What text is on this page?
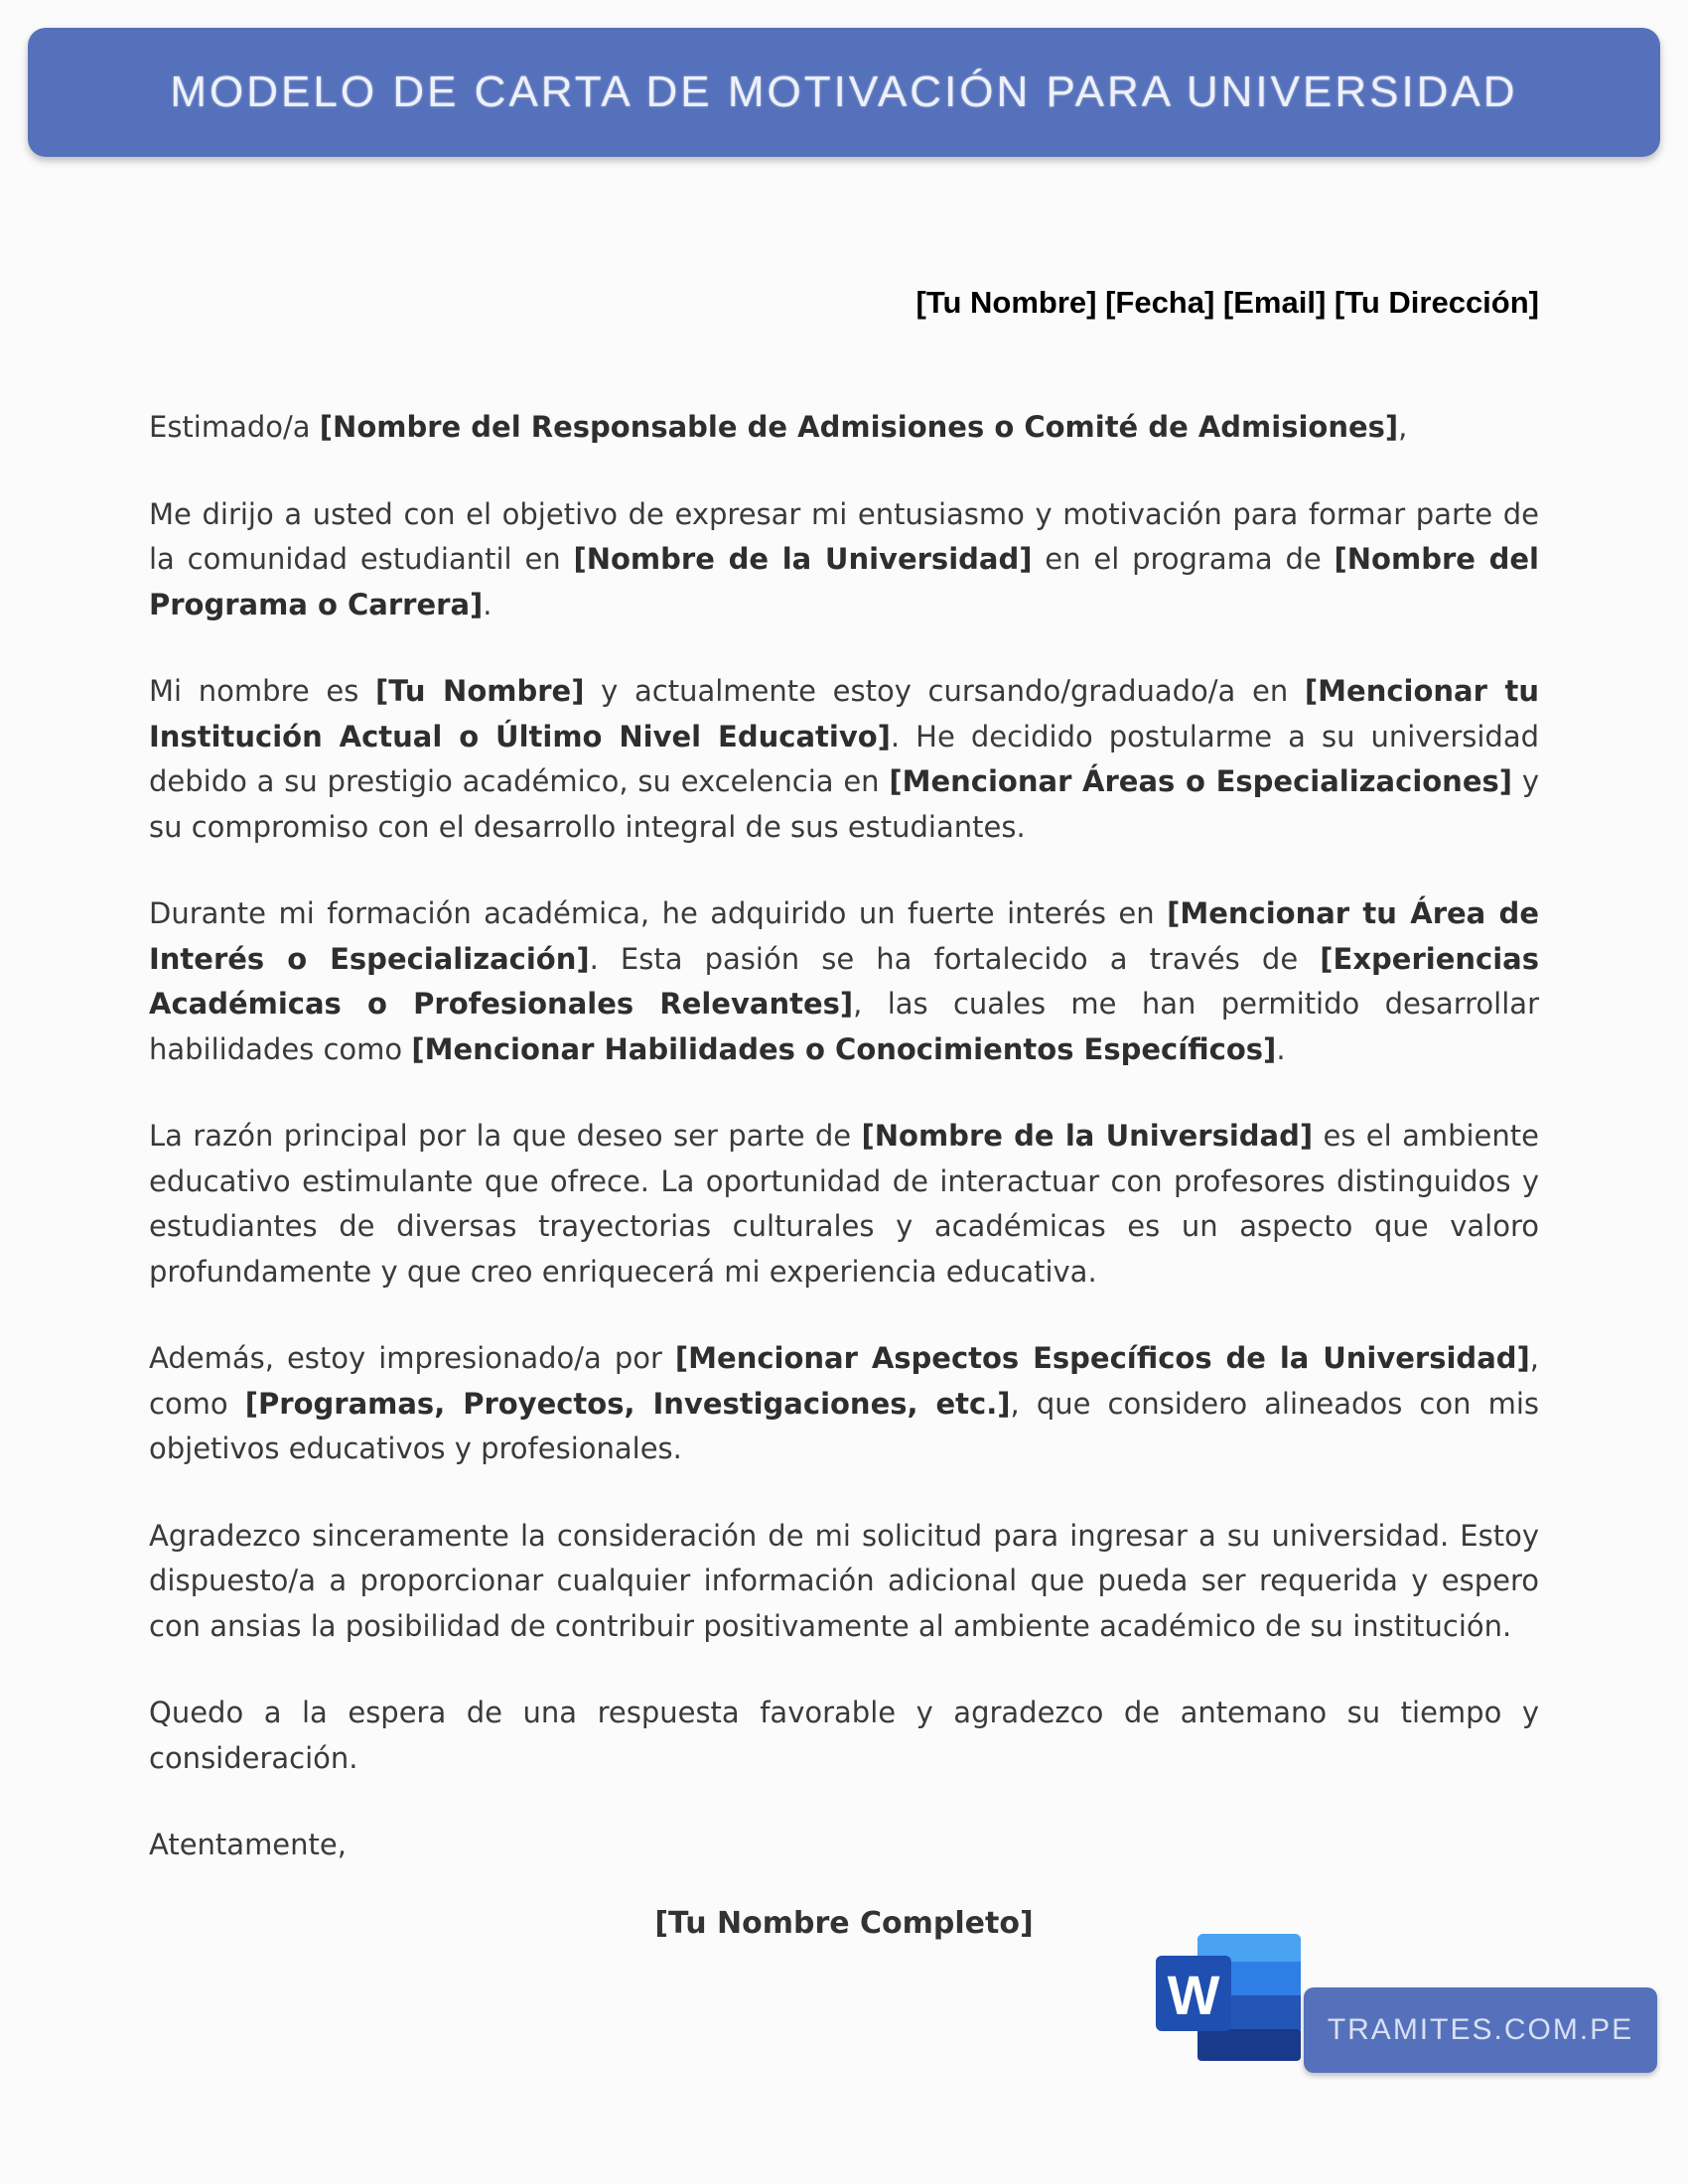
MODELO DE CARTA DE MOTIVACIÓN PARA UNIVERSIDAD
[Tu Nombre] [Fecha] [Email] [Tu Dirección]

Estimado/a [Nombre del Responsable de Admisiones o Comité de Admisiones],

Me dirijo a usted con el objetivo de expresar mi entusiasmo y motivación para formar parte de la comunidad estudiantil en [Nombre de la Universidad] en el programa de [Nombre del Programa o Carrera].

Mi nombre es [Tu Nombre] y actualmente estoy cursando/graduado/a en [Mencionar tu Institución Actual o Último Nivel Educativo]. He decidido postularme a su universidad debido a su prestigio académico, su excelencia en [Mencionar Áreas o Especializaciones] y su compromiso con el desarrollo integral de sus estudiantes.

Durante mi formación académica, he adquirido un fuerte interés en [Mencionar tu Área de Interés o Especialización]. Esta pasión se ha fortalecido a través de [Experiencias Académicas o Profesionales Relevantes], las cuales me han permitido desarrollar habilidades como [Mencionar Habilidades o Conocimientos Específicos].

La razón principal por la que deseo ser parte de [Nombre de la Universidad] es el ambiente educativo estimulante que ofrece. La oportunidad de interactuar con profesores distinguidos y estudiantes de diversas trayectorias culturales y académicas es un aspecto que valoro profundamente y que creo enriquecerá mi experiencia educativa.

Además, estoy impresionado/a por [Mencionar Aspectos Específicos de la Universidad], como [Programas, Proyectos, Investigaciones, etc.], que considero alineados con mis objetivos educativos y profesionales.

Agradezco sinceramente la consideración de mi solicitud para ingresar a su universidad. Estoy dispuesto/a a proporcionar cualquier información adicional que pueda ser requerida y espero con ansias la posibilidad de contribuir positivamente al ambiente académico de su institución.

Quedo a la espera de una respuesta favorable y agradezco de antemano su tiempo y consideración.

Atentamente,
[Tu Nombre Completo]
W
TRAMITES.COM.PE
